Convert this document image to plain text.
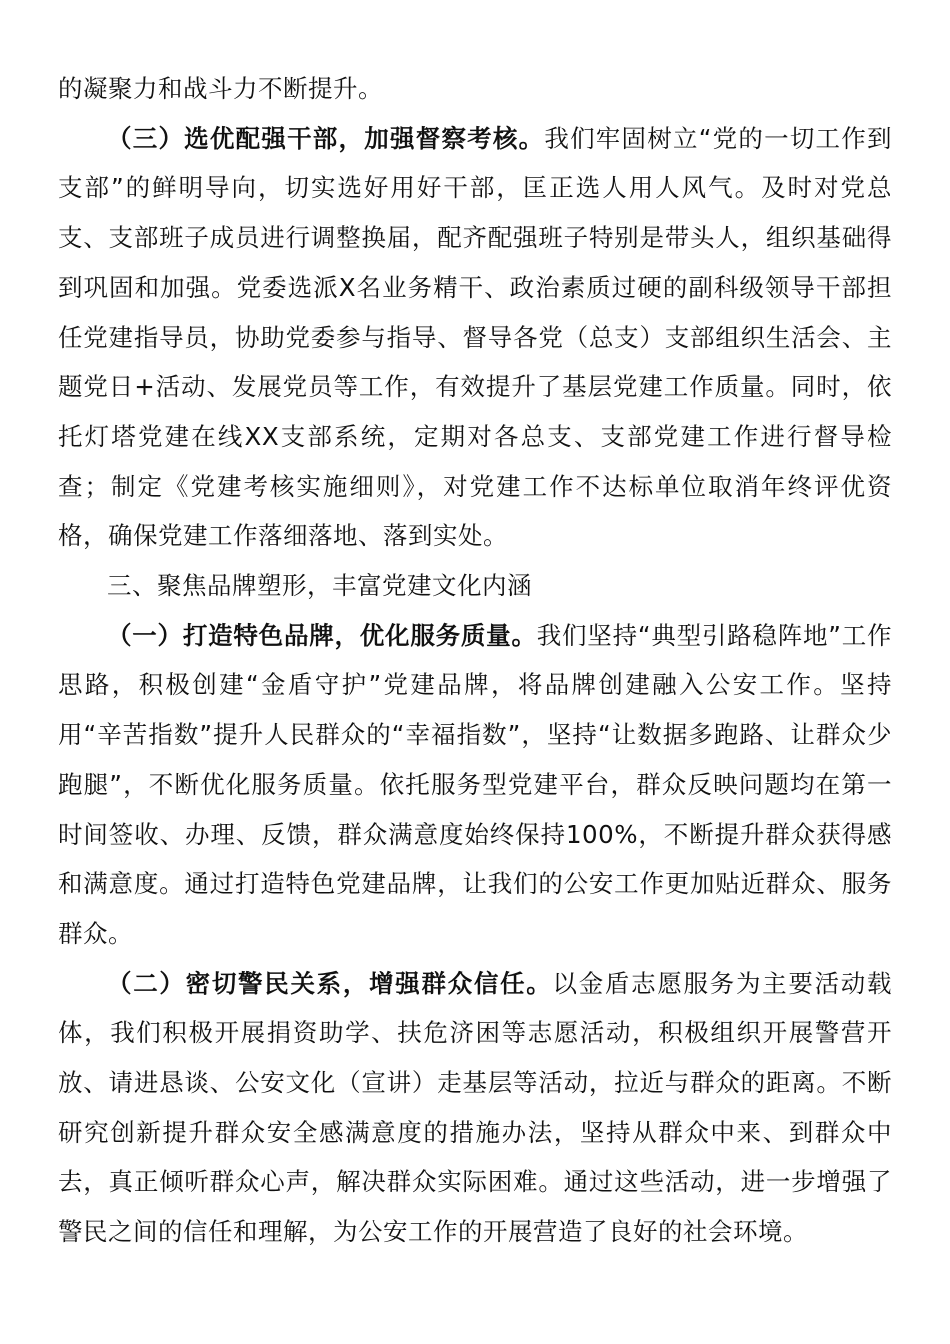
的凝聚力和战斗力不断提升。

（三）选优配强干部，加强督察考核。我们牢固树立“党的一切工作到支部”的鲜明导向，切实选好用好干部，匡正选人用人风气。及时对党总支、支部班子成员进行调整换届，配齐配强班子特别是带头人，组织基础得到巩固和加强。党委选派X名业务精干、政治素质过硬的副科级领导干部担任党建指导员，协助党委参与指导、督导各党（总支）支部组织生活会、主题党日+活动、发展党员等工作，有效提升了基层党建工作质量。同时，依托灯塔党建在线XX支部系统，定期对各总支、支部党建工作进行督导检查；制定《党建考核实施细则》，对党建工作不达标单位取消年终评优资格，确保党建工作落细落地、落到实处。

三、聚焦品牌塑形，丰富党建文化内涵

（一）打造特色品牌，优化服务质量。我们坚持“典型引路稳阵地”工作思路，积极创建“金盾守护”党建品牌，将品牌创建融入公安工作。坚持用“辛苦指数”提升人民群众的“幸福指数”，坚持“让数据多跑路、让群众少跑腿”，不断优化服务质量。依托服务型党建平台，群众反映问题均在第一时间签收、办理、反馈，群众满意度始终保持100%，不断提升群众获得感和满意度。通过打造特色党建品牌，让我们的公安工作更加贴近群众、服务群众。

（二）密切警民关系，增强群众信任。以金盾志愿服务为主要活动载体，我们积极开展捐资助学、扶危济困等志愿活动，积极组织开展警营开放、请进恳谈、公安文化（宣讲）走基层等活动，拉近与群众的距离。不断研究创新提升群众安全感满意度的措施办法，坚持从群众中来、到群众中去，真正倾听群众心声，解决群众实际困难。通过这些活动，进一步增强了警民之间的信任和理解，为公安工作的开展营造了良好的社会环境。
